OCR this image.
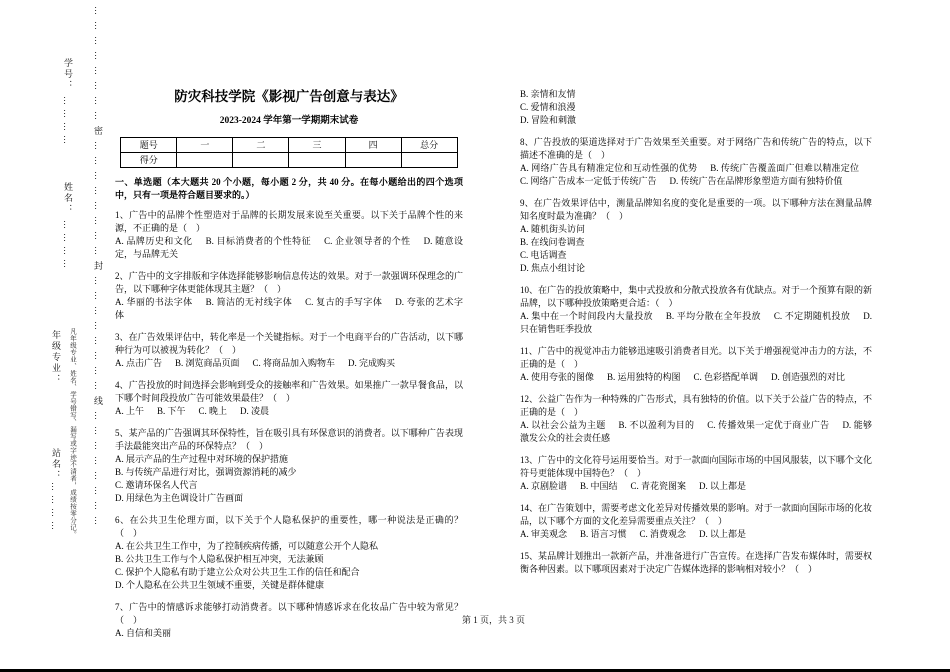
……………………密……………………封……………………线……………………
学号：
…………
姓名：
…………
年级专业：	凡年级专业、姓名、学号错写、漏写或字迹不清者，成绩按零分记。
站名：
…………
防灾科技学院《影视广告创意与表达》
2023-2024 学年第一学期期末试卷
题号	一	二	三	四	总分
得分					
一、单选题（本大题共 20 个小题，每小题 2 分，共 40 分。在每小题给出的四个选项中，只有一项是符合题目要求的。）
1、广告中的品牌个性塑造对于品牌的长期发展来说至关重要。以下关于品牌个性的来源，不正确的是（　）
A. 品牌历史和文化 B. 目标消费者的个性特征 C. 企业领导者的个性 D. 随意设定，与品牌无关
2、广告中的文字排版和字体选择能够影响信息传达的效果。对于一款强调环保理念的广告，以下哪种字体更能体现其主题？（　）
A. 华丽的书法字体 B. 简洁的无衬线字体 C. 复古的手写字体 D. 夸张的艺术字体
3、在广告效果评估中，转化率是一个关键指标。对于一个电商平台的广告活动，以下哪种行为可以被视为转化？（　）
A. 点击广告 B. 浏览商品页面 C. 将商品加入购物车 D. 完成购买
4、广告投放的时间选择会影响到受众的接触率和广告效果。如果推广一款早餐食品，以下哪个时间段投放广告可能效果最佳？（　）
A. 上午 B. 下午 C. 晚上 D. 凌晨
5、某产品的广告强调其环保特性，旨在吸引具有环保意识的消费者。以下哪种广告表现手法最能突出产品的环保特点？（　）
A. 展示产品的生产过程中对环境的保护措施
B. 与传统产品进行对比，强调资源消耗的减少
C. 邀请环保名人代言
D. 用绿色为主色调设计广告画面
6、在公共卫生伦理方面，以下关于个人隐私保护的重要性，哪一种说法是正确的？（　）
A. 在公共卫生工作中，为了控制疾病传播，可以随意公开个人隐私
B. 公共卫生工作与个人隐私保护相互冲突，无法兼顾
C. 保护个人隐私有助于建立公众对公共卫生工作的信任和配合
D. 个人隐私在公共卫生领域不重要，关键是群体健康
7、广告中的情感诉求能够打动消费者。以下哪种情感诉求在化妆品广告中较为常见？（　）
A. 自信和美丽
B. 亲情和友情
C. 爱情和浪漫
D. 冒险和刺激
8、广告投放的渠道选择对于广告效果至关重要。对于网络广告和传统广告的特点，以下描述不准确的是（　）
A. 网络广告具有精准定位和互动性强的优势 B. 传统广告覆盖面广但难以精准定位C. 网络广告成本一定低于传统广告 D. 传统广告在品牌形象塑造方面有独特价值
9、在广告效果评估中，测量品牌知名度的变化是重要的一项。以下哪种方法在测量品牌知名度时最为准确？（　）
A. 随机街头访问
B. 在线问卷调查
C. 电话调查
D. 焦点小组讨论
10、在广告的投放策略中，集中式投放和分散式投放各有优缺点。对于一个预算有限的新品牌，以下哪种投放策略更合适：（　）
A. 集中在一个时间段内大量投放 B. 平均分散在全年投放 C. 不定期随机投放 D. 只在销售旺季投放
11、广告中的视觉冲击力能够迅速吸引消费者目光。以下关于增强视觉冲击力的方法，不正确的是（　）
A. 使用夸张的图像 B. 运用独特的构图 C. 色彩搭配单调 D. 创造强烈的对比
12、公益广告作为一种特殊的广告形式，具有独特的价值。以下关于公益广告的特点，不正确的是（　）
A. 以社会公益为主题 B. 不以盈利为目的 C. 传播效果一定优于商业广告 D. 能够激发公众的社会责任感
13、广告中的文化符号运用要恰当。对于一款面向国际市场的中国风服装，以下哪个文化符号更能体现中国特色？（　）
A. 京剧脸谱 B. 中国结 C. 青花瓷图案 D. 以上都是
14、在广告策划中，需要考虑文化差异对传播效果的影响。对于一款面向国际市场的化妆品，以下哪个方面的文化差异需要重点关注？（　）
A. 审美观念 B. 语言习惯 C. 消费观念 D. 以上都是
15、某品牌计划推出一款新产品，并准备进行广告宣传。在选择广告发布媒体时，需要权衡各种因素。以下哪项因素对于决定广告媒体选择的影响相对较小？（　）
第 1 页，共 3 页
